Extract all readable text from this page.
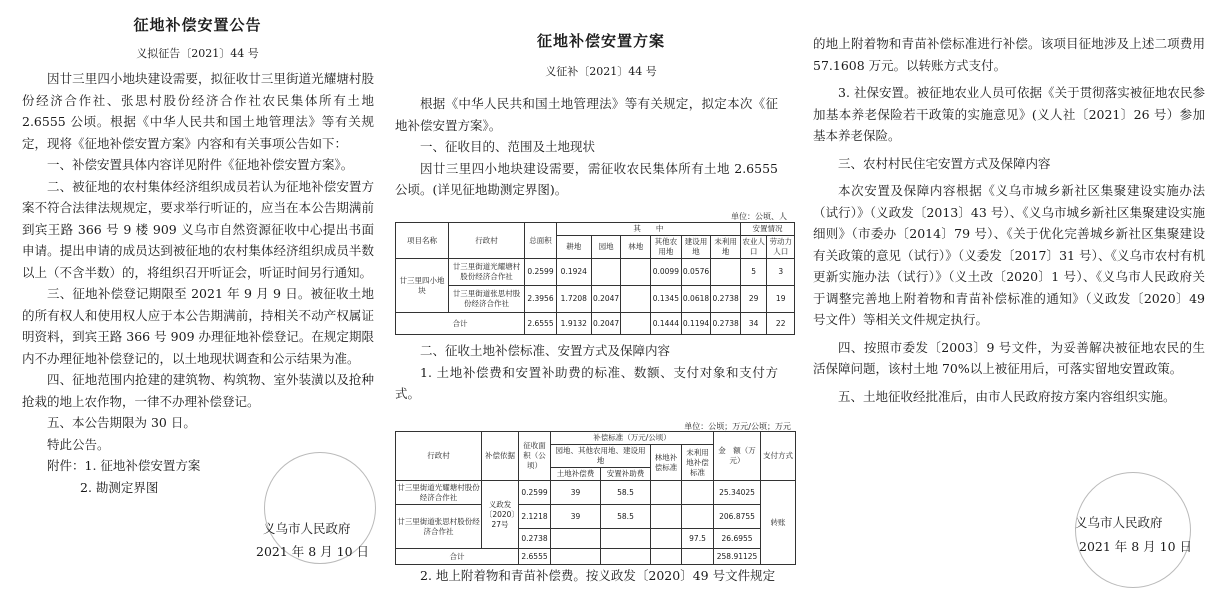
征地补偿安置公告
义拟征告〔2021〕44 号

因廿三里四小地块建设需要，拟征收廿三里街道光耀塘村股份经济合作社、张思村股份经济合作社农民集体所有土地 2.6555 公顷。根据《中华人民共和国土地管理法》等有关规定，现将《征地补偿安置方案》内容和有关事项公告如下：

一、补偿安置具体内容详见附件《征地补偿安置方案》。

二、被征地的农村集体经济组织成员若认为征地补偿安置方案不符合法律法规规定，要求举行听证的，应当在本公告期满前到宾王路 366 号 9 楼 909 义乌市自然资源征收中心提出书面申请。提出申请的成员达到被征地的农村集体经济组织成员半数以上（不含半数）的，将组织召开听证会，听证时间另行通知。

三、征地补偿登记期限至 2021 年 9 月 9 日。被征收土地的所有权人和使用权人应于本公告期满前，持相关不动产权属证明资料，到宾王路 366 号 909 办理征地补偿登记。在规定期限内不办理征地补偿登记的，以土地现状调查和公示结果为准。

四、征地范围内抢建的建筑物、构筑物、室外装潢以及抢种抢栽的地上农作物，一律不办理补偿登记。

五、本公告期限为 30 日。

特此公告。

附件：1. 征地补偿安置方案

2. 勘测定界图

义乌市人民政府
2021 年 8 月 10 日
征地补偿安置方案
义征补〔2021〕44 号

根据《中华人民共和国土地管理法》等有关规定，拟定本次《征地补偿安置方案》。

一、征收目的、范围及土地现状

因廿三里四小地块建设需要，需征收农民集体所有土地 2.6555 公顷。(详见征地勘测定界图)。

单位：公顷、人
项目名称	行政村	总面积	其　　中						安置情况	
			耕地	园地	林地	其他农用地	建设用地	未利用地	农业人口	劳动力人口
廿三里四小地块	廿三里街道光耀塘村股份经济合作社	0.2599	0.1924			0.0099	0.0576		5	3
	廿三里街道张思村股份经济合作社	2.3956	1.7208	0.2047		0.1345	0.0618	0.2738	29	19
合计		2.6555	1.9132	0.2047		0.1444	0.1194	0.2738	34	22

二、征收土地补偿标准、安置方式及保障内容

1. 土地补偿费和安置补助费的标准、数额、支付对象和支付方式。

单位：公顷；万元/公顷；万元
行政村	补偿依据	征收面积（公顷）	补偿标准（万元/公顷）				金　额（万元）	支付方式
			园地、其他农用地、建设用地		林地补偿标准	未利用地补偿标准		
			土地补偿费	安置补助费				
廿三里街道光耀塘村股份经济合作社	义政发〔2020〕27号	0.2599	39	58.5			25.34025	转账
廿三里街道张思村股份经济合作社		2.1218	39	58.5			206.8755	
		0.2738				97.5	26.6955	
合计		2.6555					258.91125	

2. 地上附着物和青苗补偿费。按义政发〔2020〕49 号文件规定

的地上附着物和青苗补偿标准进行补偿。该项目征地涉及上述二项费用 57.1608 万元。以转账方式支付。

3. 社保安置。被征地农业人员可依据《关于贯彻落实被征地农民参加基本养老保险若干政策的实施意见》(义人社〔2021〕26 号）参加基本养老保险。

三、农村村民住宅安置方式及保障内容

本次安置及保障内容根据《义乌市城乡新社区集聚建设实施办法（试行）》（义政发〔2013〕43 号）、《义乌市城乡新社区集聚建设实施细则》（市委办〔2014〕79 号）、《关于优化完善城乡新社区集聚建设有关政策的意见（试行）》（义委发〔2017〕31 号）、《义乌市农村有机更新实施办法（试行）》（义土改〔2020〕1 号）、《义乌市人民政府关于调整完善地上附着物和青苗补偿标准的通知》（义政发〔2020〕49 号文件）等相关文件规定执行。

四、按照市委发〔2003〕9 号文件，为妥善解决被征地农民的生活保障问题，该村土地 70%以上被征用后，可落实留地安置政策。

五、土地征收经批准后，由市人民政府按方案内容组织实施。

义乌市人民政府
2021 年 8 月 10 日
